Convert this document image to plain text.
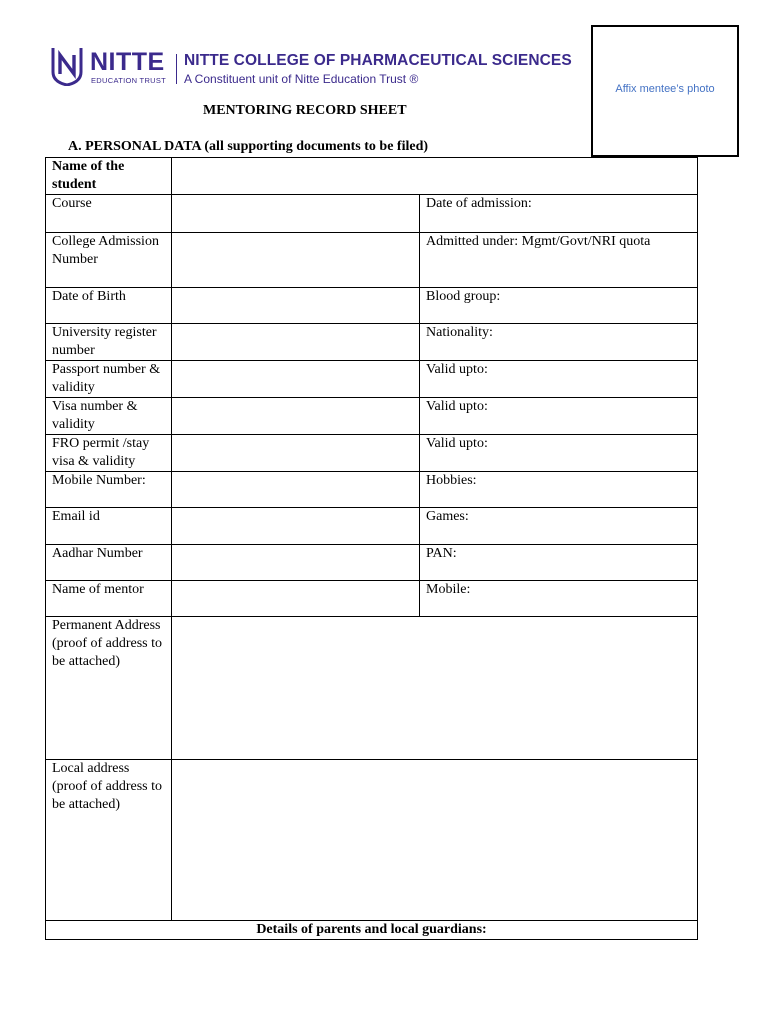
NITTE
EDUCATION TRUST
NITTE COLLEGE OF PHARMACEUTICAL SCIENCES
A Constituent unit of Nitte Education Trust ®
Affix mentee’s photo
MENTORING RECORD SHEET
A. PERSONAL DATA (all supporting documents to be filed)
Name of the student		
Course		Date of admission:
College Admission Number		Admitted under: Mgmt/Govt/NRI quota
Date of Birth		Blood group:
University register number		Nationality:
Passport number & validity		Valid upto:
Visa number & validity		Valid upto:
FRO permit /stay visa & validity		Valid upto:
Mobile Number:		Hobbies:
Email id		Games:
Aadhar Number		PAN:
Name of mentor		Mobile:
Permanent Address (proof of address to be attached)		
Local address (proof of address to be attached)		
Details of parents and local guardians:		
